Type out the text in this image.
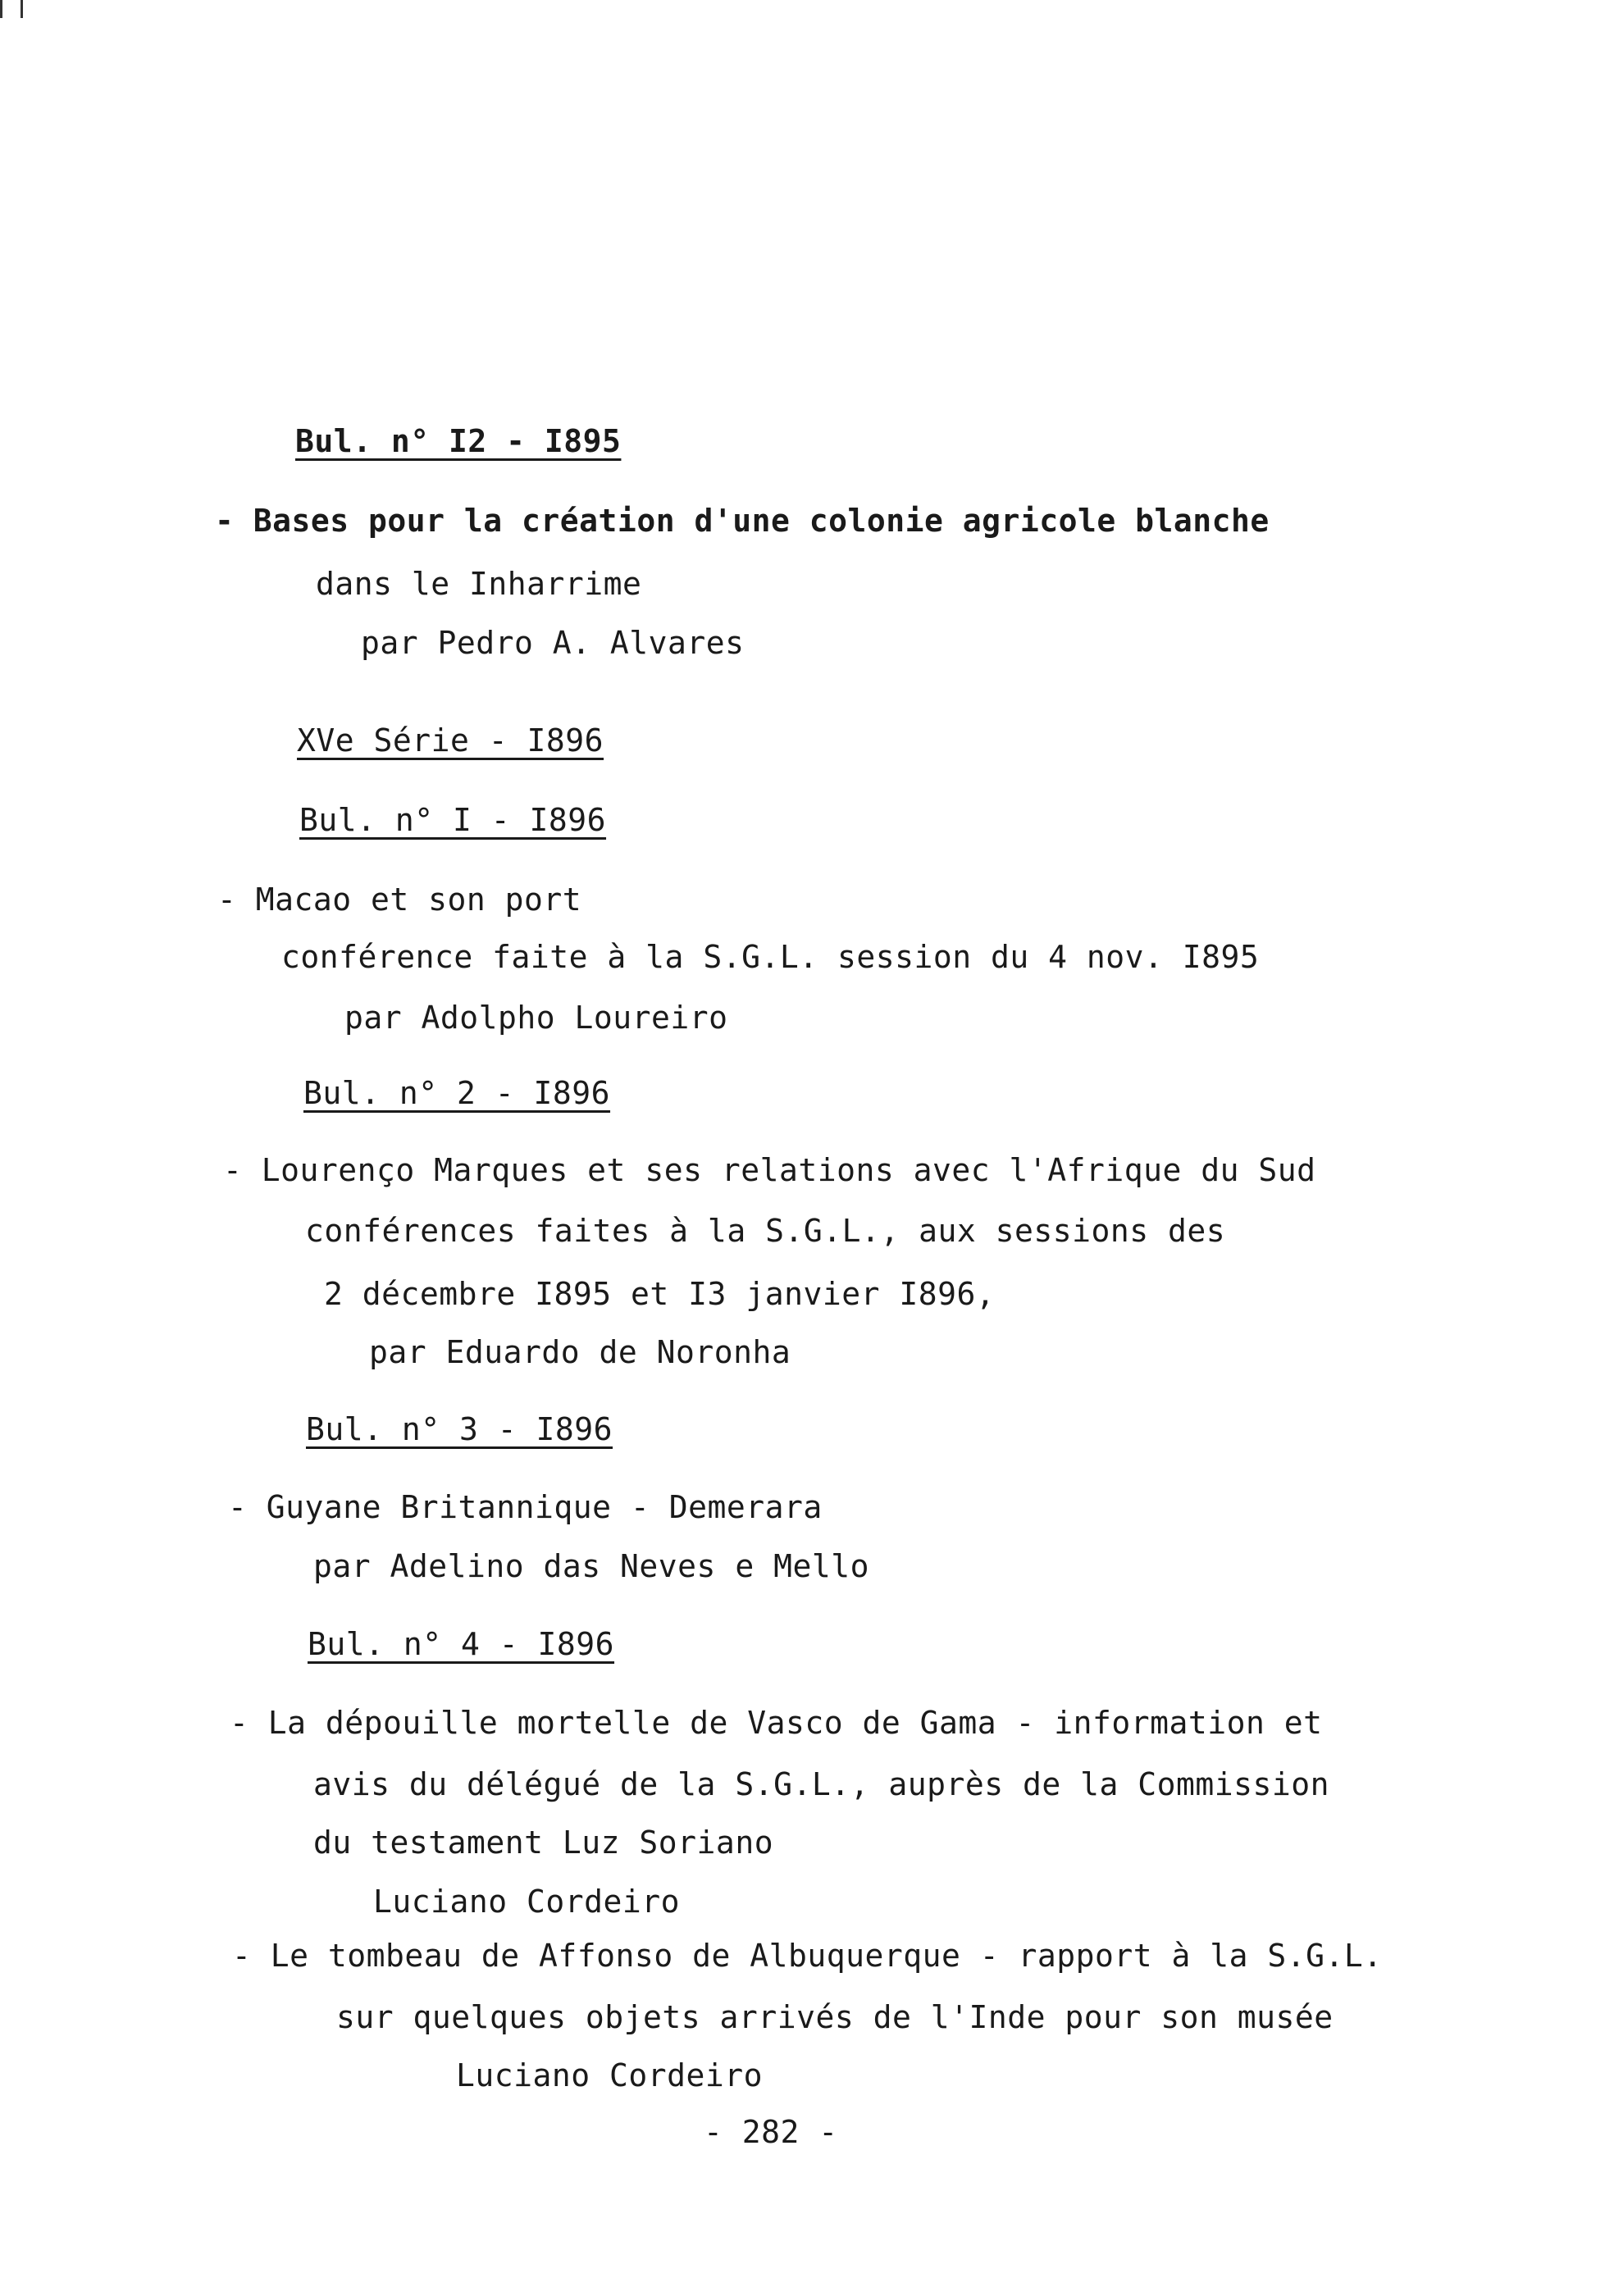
Bul. n° I2 - I895
- Bases pour la création d'une colonie agricole blanche
dans le Inharrime
par Pedro A. Alvares
XVe Série - I896
Bul. n° I - I896
- Macao et son port
conférence faite à la S.G.L. session du 4 nov. I895
par Adolpho Loureiro
Bul. n° 2 - I896
- Lourenço Marques et ses relations avec l'Afrique du Sud
conférences faites à la S.G.L., aux sessions des
2 décembre I895 et I3 janvier I896,
par Eduardo de Noronha
Bul. n° 3 - I896
- Guyane Britannique - Demerara
par Adelino das Neves e Mello
Bul. n° 4 - I896
- La dépouille mortelle de Vasco de Gama - information et
avis du délégué de la S.G.L., auprès de la Commission
du testament Luz Soriano
Luciano Cordeiro
- Le tombeau de Affonso de Albuquerque - rapport à la S.G.L.
sur quelques objets arrivés de l'Inde pour son musée
Luciano Cordeiro
- 282 -
